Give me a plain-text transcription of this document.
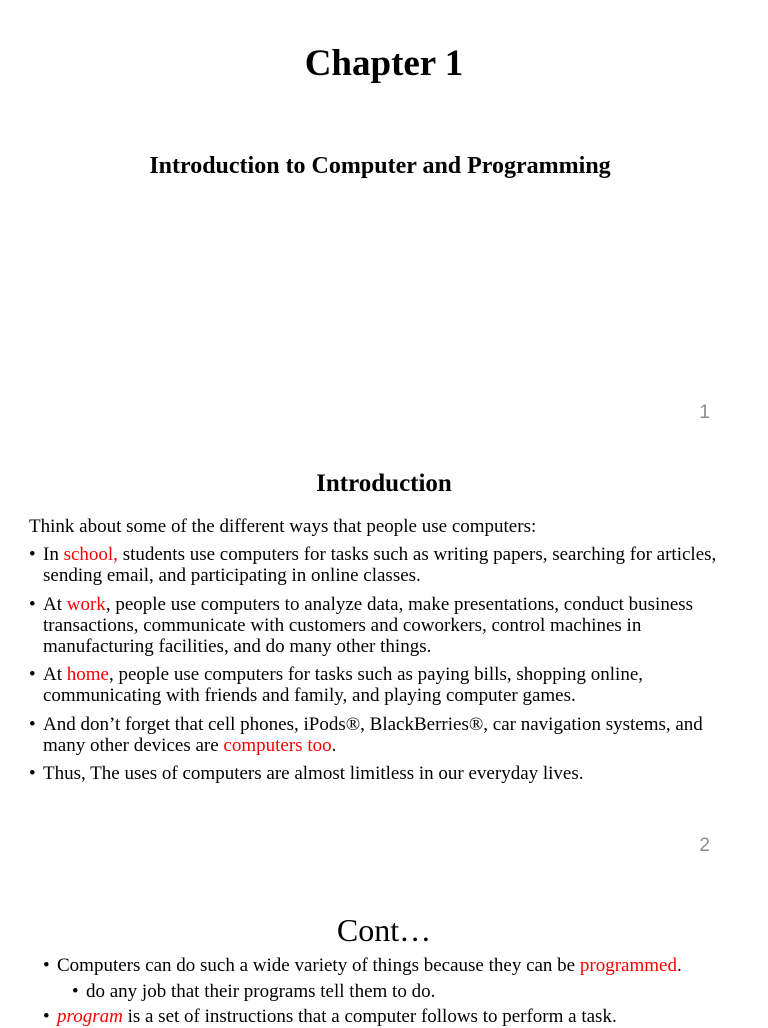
Chapter 1
Introduction to Computer and Programming
1
Introduction
Think about some of the different ways that people use computers:
• In school, students use computers for tasks such as writing papers, searching for articles, sending email, and participating in online classes.
• At work, people use computers to analyze data, make presentations, conduct business transactions, communicate with customers and coworkers, control machines in manufacturing facilities, and do many other things.
• At home, people use computers for tasks such as paying bills, shopping online, communicating with friends and family, and playing computer games.
• And don’t forget that cell phones, iPods®, BlackBerries®, car navigation systems, and many other devices are computers too.
• Thus, The uses of computers are almost limitless in our everyday lives.
2
Cont…
• Computers can do such a wide variety of things because they can be programmed.
• do any job that their programs tell them to do.
• program is a set of instructions that a computer follows to perform a task.
